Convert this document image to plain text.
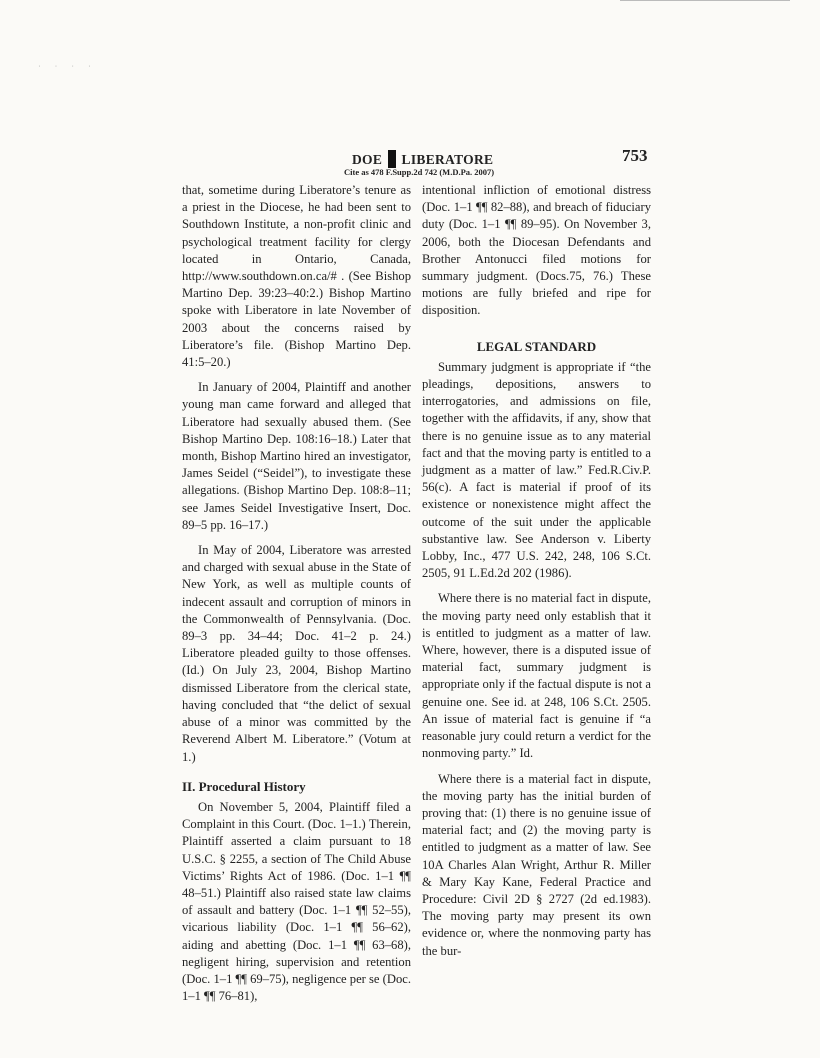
˙ ˙ ˙ ˙
DOE LIBERATORE	753
Cite as 478 F.Supp.2d 742 (M.D.Pa. 2007)

that, sometime during Liberatore’s tenure as a priest in the Diocese, he had been sent to Southdown Institute, a non-profit clinic and psychological treatment facility for clergy located in Ontario, Canada, http://www.southdown.on.ca/# . (See Bishop Martino Dep. 39:23–40:2.) Bishop Martino spoke with Liberatore in late November of 2003 about the concerns raised by Liberatore’s file. (Bishop Martino Dep. 41:5–20.)

In January of 2004, Plaintiff and another young man came forward and alleged that Liberatore had sexually abused them. (See Bishop Martino Dep. 108:16–18.) Later that month, Bishop Martino hired an investigator, James Seidel (“Seidel”), to investigate these allegations. (Bishop Martino Dep. 108:8–11; see James Seidel Investigative Insert, Doc. 89–5 pp. 16–17.)

In May of 2004, Liberatore was arrested and charged with sexual abuse in the State of New York, as well as multiple counts of indecent assault and corruption of minors in the Commonwealth of Pennsylvania. (Doc. 89–3 pp. 34–44; Doc. 41–2 p. 24.) Liberatore pleaded guilty to those offenses. (Id.) On July 23, 2004, Bishop Martino dismissed Liberatore from the clerical state, having concluded that “the delict of sexual abuse of a minor was committed by the Reverend Albert M. Liberatore.” (Votum at 1.)

II. Procedural History

On November 5, 2004, Plaintiff filed a Complaint in this Court. (Doc. 1–1.) Therein, Plaintiff asserted a claim pursuant to 18 U.S.C. § 2255, a section of The Child Abuse Victims’ Rights Act of 1986. (Doc. 1–1 ¶¶ 48–51.) Plaintiff also raised state law claims of assault and battery (Doc. 1–1 ¶¶ 52–55), vicarious liability (Doc. 1–1 ¶¶ 56–62), aiding and abetting (Doc. 1–1 ¶¶ 63–68), negligent hiring, supervision and retention (Doc. 1–1 ¶¶ 69–75), negligence per se (Doc. 1–1 ¶¶ 76–81),

intentional infliction of emotional distress (Doc. 1–1 ¶¶ 82–88), and breach of fiduciary duty (Doc. 1–1 ¶¶ 89–95). On November 3, 2006, both the Diocesan Defendants and Brother Antonucci filed motions for summary judgment. (Docs.75, 76.) These motions are fully briefed and ripe for disposition.

LEGAL STANDARD

Summary judgment is appropriate if “the pleadings, depositions, answers to interrogatories, and admissions on file, together with the affidavits, if any, show that there is no genuine issue as to any material fact and that the moving party is entitled to a judgment as a matter of law.” Fed.R.Civ.P. 56(c). A fact is material if proof of its existence or nonexistence might affect the outcome of the suit under the applicable substantive law. See Anderson v. Liberty Lobby, Inc., 477 U.S. 242, 248, 106 S.Ct. 2505, 91 L.Ed.2d 202 (1986).

Where there is no material fact in dispute, the moving party need only establish that it is entitled to judgment as a matter of law. Where, however, there is a disputed issue of material fact, summary judgment is appropriate only if the factual dispute is not a genuine one. See id. at 248, 106 S.Ct. 2505. An issue of material fact is genuine if “a reasonable jury could return a verdict for the nonmoving party.” Id.

Where there is a material fact in dispute, the moving party has the initial burden of proving that: (1) there is no genuine issue of material fact; and (2) the moving party is entitled to judgment as a matter of law. See 10A Charles Alan Wright, Arthur R. Miller & Mary Kay Kane, Federal Practice and Procedure: Civil 2D § 2727 (2d ed.1983). The moving party may present its own evidence or, where the nonmoving party has the bur-
